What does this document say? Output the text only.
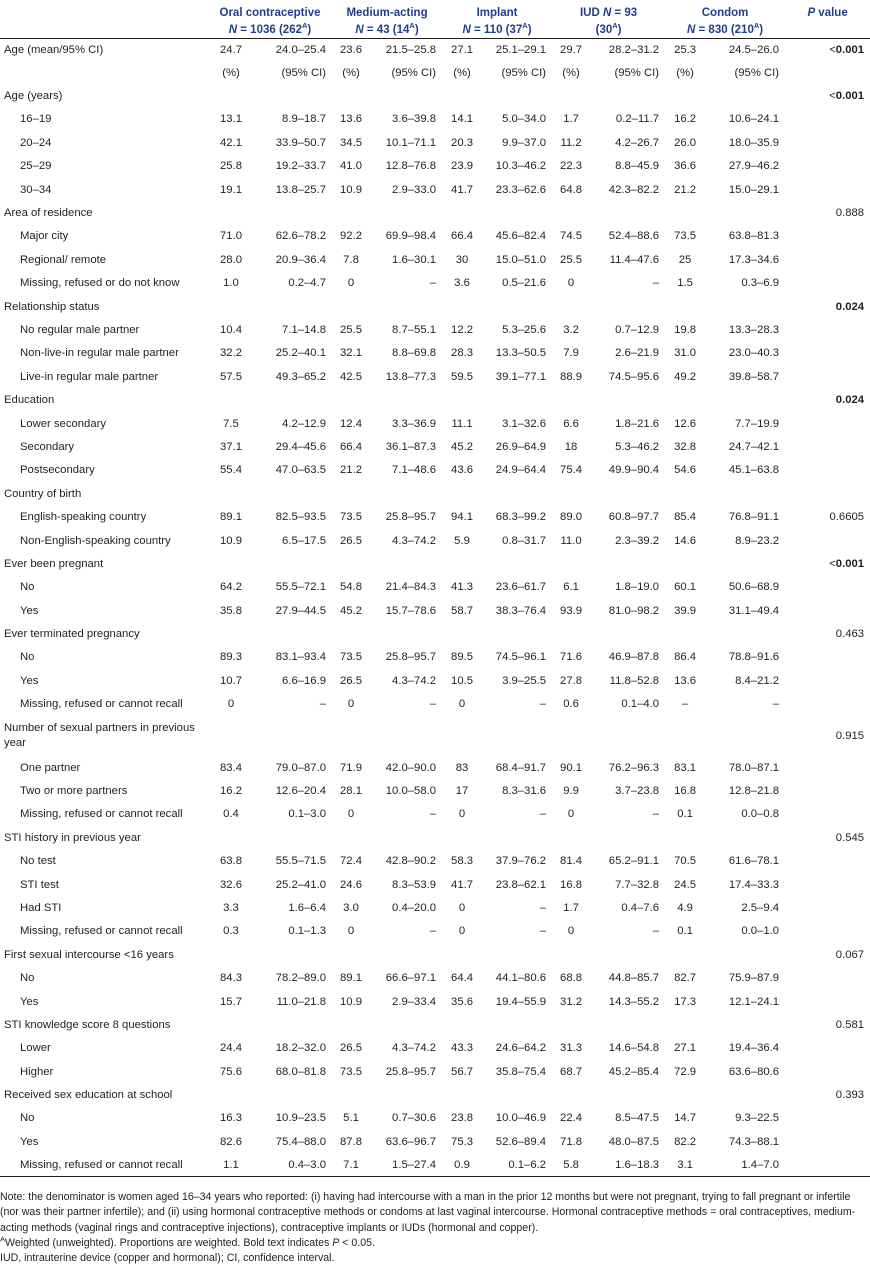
	Oral contraceptive		Medium-acting		Implant		IUD N = 93		Condom		P value
	N = 1036 $(262^A)$		N = 43 $(14^A)$		N = 110 $(37^A)$		$(30^A)$		N = 830 $(210^A)$		
Age (mean/95% CI)	24.7	24.0–25.4	23.6	21.5–25.8	27.1	25.1–29.1	29.7	28.2–31.2	25.3	24.5–26.0	<0.001
	(%)	(95% CI)	(%)	(95% CI)	(%)	(95% CI)	(%)	(95% CI)	(%)	(95% CI)	
Age (years)											<0.001
16–19	13.1	8.9–18.7	13.6	3.6–39.8	14.1	5.0–34.0	1.7	0.2–11.7	16.2	10.6–24.1	
20–24	42.1	33.9–50.7	34.5	10.1–71.1	20.3	9.9–37.0	11.2	4.2–26.7	26.0	18.0–35.9	
25–29	25.8	19.2–33.7	41.0	12.8–76.8	23.9	10.3–46.2	22.3	8.8–45.9	36.6	27.9–46.2	
30–34	19.1	13.8–25.7	10.9	2.9–33.0	41.7	23.3–62.6	64.8	42.3–82.2	21.2	15.0–29.1	
Area of residence											0.888
Major city	71.0	62.6–78.2	92.2	69.9–98.4	66.4	45.6–82.4	74.5	52.4–88.6	73.5	63.8–81.3	
Regional/ remote	28.0	20.9–36.4	7.8	1.6–30.1	30	15.0–51.0	25.5	11.4–47.6	25	17.3–34.6	
Missing, refused or do not know	1.0	0.2–4.7	0	–	3.6	0.5–21.6	0	–	1.5	0.3–6.9	
Relationship status											0.024
No regular male partner	10.4	7.1–14.8	25.5	8.7–55.1	12.2	5.3–25.6	3.2	0.7–12.9	19.8	13.3–28.3	
Non-live-in regular male partner	32.2	25.2–40.1	32.1	8.8–69.8	28.3	13.3–50.5	7.9	2.6–21.9	31.0	23.0–40.3	
Live-in regular male partner	57.5	49.3–65.2	42.5	13.8–77.3	59.5	39.1–77.1	88.9	74.5–95.6	49.2	39.8–58.7	
Education											0.024
Lower secondary	7.5	4.2–12.9	12.4	3.3–36.9	11.1	3.1–32.6	6.6	1.8–21.6	12.6	7.7–19.9	
Secondary	37.1	29.4–45.6	66.4	36.1–87.3	45.2	26.9–64.9	18	5.3–46.2	32.8	24.7–42.1	
Postsecondary	55.4	47.0–63.5	21.2	7.1–48.6	43.6	24.9–64.4	75.4	49.9–90.4	54.6	45.1–63.8	
Country of birth											
English-speaking country	89.1	82.5–93.5	73.5	25.8–95.7	94.1	68.3–99.2	89.0	60.8–97.7	85.4	76.8–91.1	0.6605
Non-English-speaking country	10.9	6.5–17.5	26.5	4.3–74.2	5.9	0.8–31.7	11.0	2.3–39.2	14.6	8.9–23.2	
Ever been pregnant											<0.001
No	64.2	55.5–72.1	54.8	21.4–84.3	41.3	23.6–61.7	6.1	1.8–19.0	60.1	50.6–68.9	
Yes	35.8	27.9–44.5	45.2	15.7–78.6	58.7	38.3–76.4	93.9	81.0–98.2	39.9	31.1–49.4	
Ever terminated pregnancy											0.463
No	89.3	83.1–93.4	73.5	25.8–95.7	89.5	74.5–96.1	71.6	46.9–87.8	86.4	78.8–91.6	
Yes	10.7	6.6–16.9	26.5	4.3–74.2	10.5	3.9–25.5	27.8	11.8–52.8	13.6	8.4–21.2	
Missing, refused or cannot recall	0	–	0	–	0	–	0.6	0.1–4.0	–	–	
Number of sexual partners in previous year											0.915
One partner	83.4	79.0–87.0	71.9	42.0–90.0	83	68.4–91.7	90.1	76.2–96.3	83.1	78.0–87.1	
Two or more partners	16.2	12.6–20.4	28.1	10.0–58.0	17	8.3–31.6	9.9	3.7–23.8	16.8	12.8–21.8	
Missing, refused or cannot recall	0.4	0.1–3.0	0	–	0	–	0	–	0.1	0.0–0.8	
STI history in previous year											0.545
No test	63.8	55.5–71.5	72.4	42.8–90.2	58.3	37.9–76.2	81.4	65.2–91.1	70.5	61.6–78.1	
STI test	32.6	25.2–41.0	24.6	8.3–53.9	41.7	23.8–62.1	16.8	7.7–32.8	24.5	17.4–33.3	
Had STI	3.3	1.6–6.4	3.0	0.4–20.0	0	–	1.7	0.4–7.6	4.9	2.5–9.4	
Missing, refused or cannot recall	0.3	0.1–1.3	0	–	0	–	0	–	0.1	0.0–1.0	
First sexual intercourse <16 years											0.067
No	84.3	78.2–89.0	89.1	66.6–97.1	64.4	44.1–80.6	68.8	44.8–85.7	82.7	75.9–87.9	
Yes	15.7	11.0–21.8	10.9	2.9–33.4	35.6	19.4–55.9	31.2	14.3–55.2	17.3	12.1–24.1	
STI knowledge score 8 questions											0.581
Lower	24.4	18.2–32.0	26.5	4.3–74.2	43.3	24.6–64.2	31.3	14.6–54.8	27.1	19.4–36.4	
Higher	75.6	68.0–81.8	73.5	25.8–95.7	56.7	35.8–75.4	68.7	45.2–85.4	72.9	63.6–80.6	
Received sex education at school											0.393
No	16.3	10.9–23.5	5.1	0.7–30.6	23.8	10.0–46.9	22.4	8.5–47.5	14.7	9.3–22.5	
Yes	82.6	75.4–88.0	87.8	63.6–96.7	75.3	52.6–89.4	71.8	48.0–87.5	82.2	74.3–88.1	
Missing, refused or cannot recall	1.1	0.4–3.0	7.1	1.5–27.4	0.9	0.1–6.2	5.8	1.6–18.3	3.1	1.4–7.0	

Note: the denominator is women aged 16–34 years who reported: (i) having had intercourse with a man in the prior 12 months but were not pregnant, trying to fall pregnant or infertile (nor was their partner infertile); and (ii) using hormonal contraceptive methods or condoms at last vaginal intercourse. Hormonal contraceptive methods = oral contraceptives, medium-acting methods (vaginal rings and contraceptive injections), contraceptive implants or IUDs (hormonal and copper).

$^A$Weighted (unweighted). Proportions are weighted. Bold text indicates P < 0.05.

IUD, intrauterine device (copper and hormonal); CI, confidence interval.
